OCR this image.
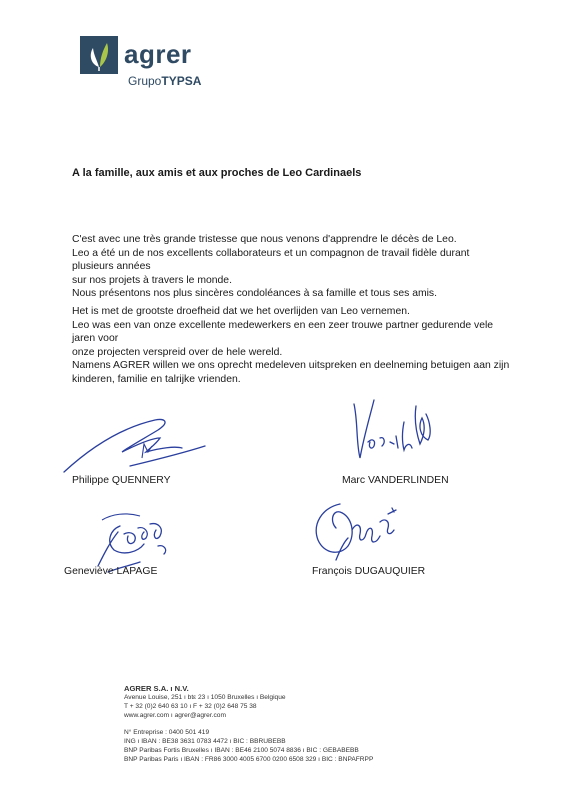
agrer
GrupoTYPSA
A la famille, aux amis et aux proches de Leo Cardinaels

C'est avec une très grande tristesse que nous venons d'apprendre le décès de Leo.

Leo a été un de nos excellents collaborateurs et un compagnon de travail fidèle durant plusieurs années

sur nos projets à travers le monde.

Nous présentons nos plus sincères condoléances à sa famille et tous ses amis.

Het is met de grootste droefheid dat we het overlijden van Leo vernemen.

Leo was een van onze excellente medewerkers en een zeer trouwe partner gedurende vele jaren voor

onze projecten verspreid over de hele wereld.

Namens AGRER willen we ons oprecht medeleven uitspreken en deelneming betuigen aan zijn

kinderen, familie en talrijke vrienden.

Philippe QUENNERY	Marc VANDERLINDEN
Geneviève LAPAGE	François DUGAUQUIER
AGRER S.A. ı N.V.
Avenue Louise, 251 ı btε 23 ı 1050 Bruxelles ı Belgique
T + 32 (0)2 640 63 10 ı F + 32 (0)2 648 75 38
www.agrer.com ı agrer@agrer.com
N° Entreprise : 0400 501 419
ING ı IBAN : BE38 3631 0783 4472 ı BIC : BBRUBEBB
BNP Paribas Fortis Bruxelles ı IBAN : BE46 2100 5074 8836 ı BIC : GEBABEBB
BNP Paribas Paris ı IBAN : FR86 3000 4005 6700 0200 6508 329 ı BIC : BNPAFRPP
